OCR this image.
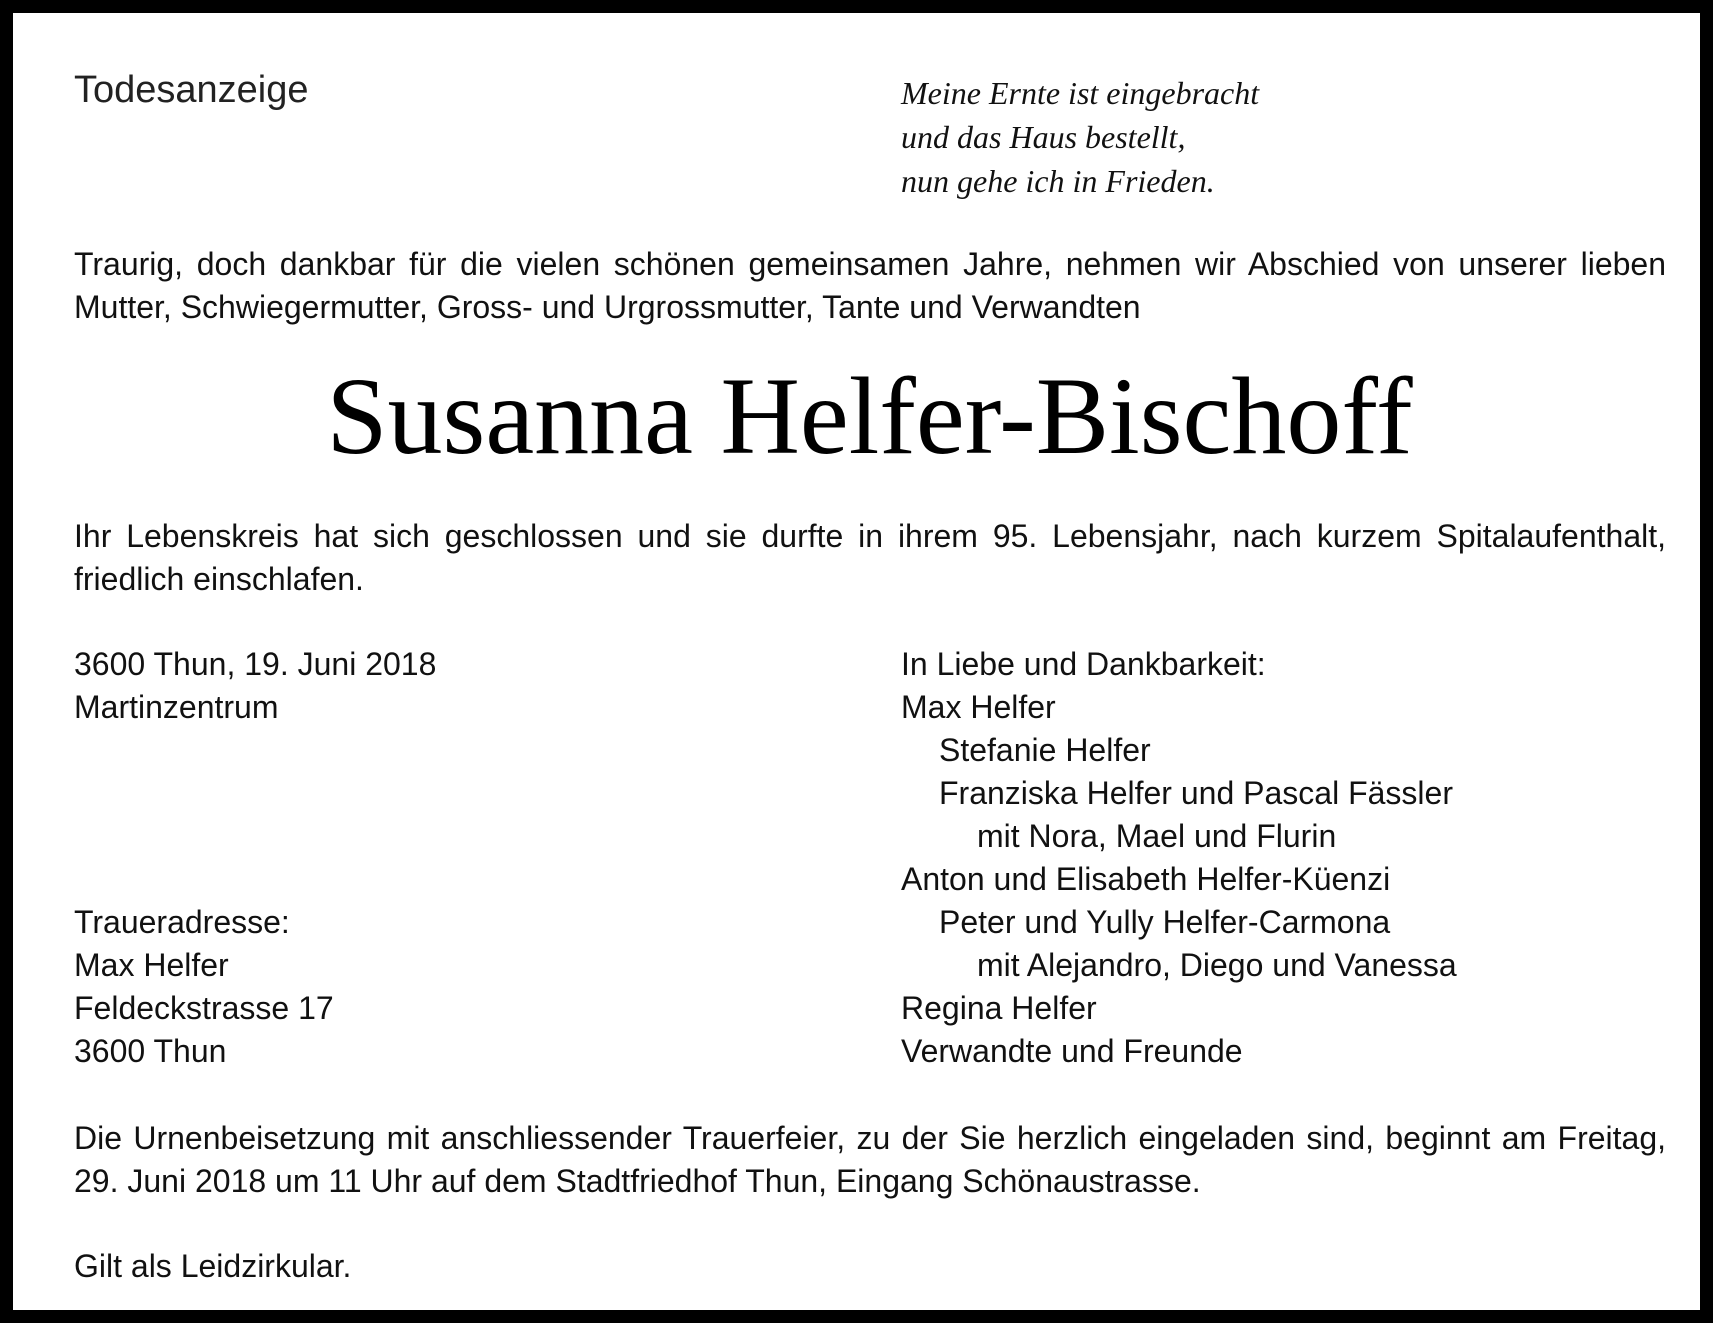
Todesanzeige	Meine Ernte ist eingebracht
und das Haus bestellt,
nun gehe ich in Frieden.
Traurig, doch dankbar für die vielen schönen gemeinsamen Jahre, nehmen wir Abschied von unserer lieben Mutter, Schwiegermutter, Gross- und Urgrossmutter, Tante und Verwandten
Susanna Helfer-Bischoff
Ihr Lebenskreis hat sich geschlossen und sie durfte in ihrem 95. Lebensjahr, nach kurzem Spitalaufenthalt, friedlich einschlafen.
3600 Thun, 19. Juni 2018
Martinzentrum
Traueradresse:
Max Helfer
Feldeckstrasse 17
3600 Thun
In Liebe und Dankbarkeit:
Max Helfer
Stefanie Helfer
Franziska Helfer und Pascal Fässler
mit Nora, Mael und Flurin
Anton und Elisabeth Helfer-Küenzi
Peter und Yully Helfer-Carmona
mit Alejandro, Diego und Vanessa
Regina Helfer
Verwandte und Freunde
Die Urnenbeisetzung mit anschliessender Trauerfeier, zu der Sie herzlich eingeladen sind, beginnt am Freitag, 29. Juni 2018 um 11 Uhr auf dem Stadtfriedhof Thun, Eingang Schönaustrasse.
Gilt als Leidzirkular.
